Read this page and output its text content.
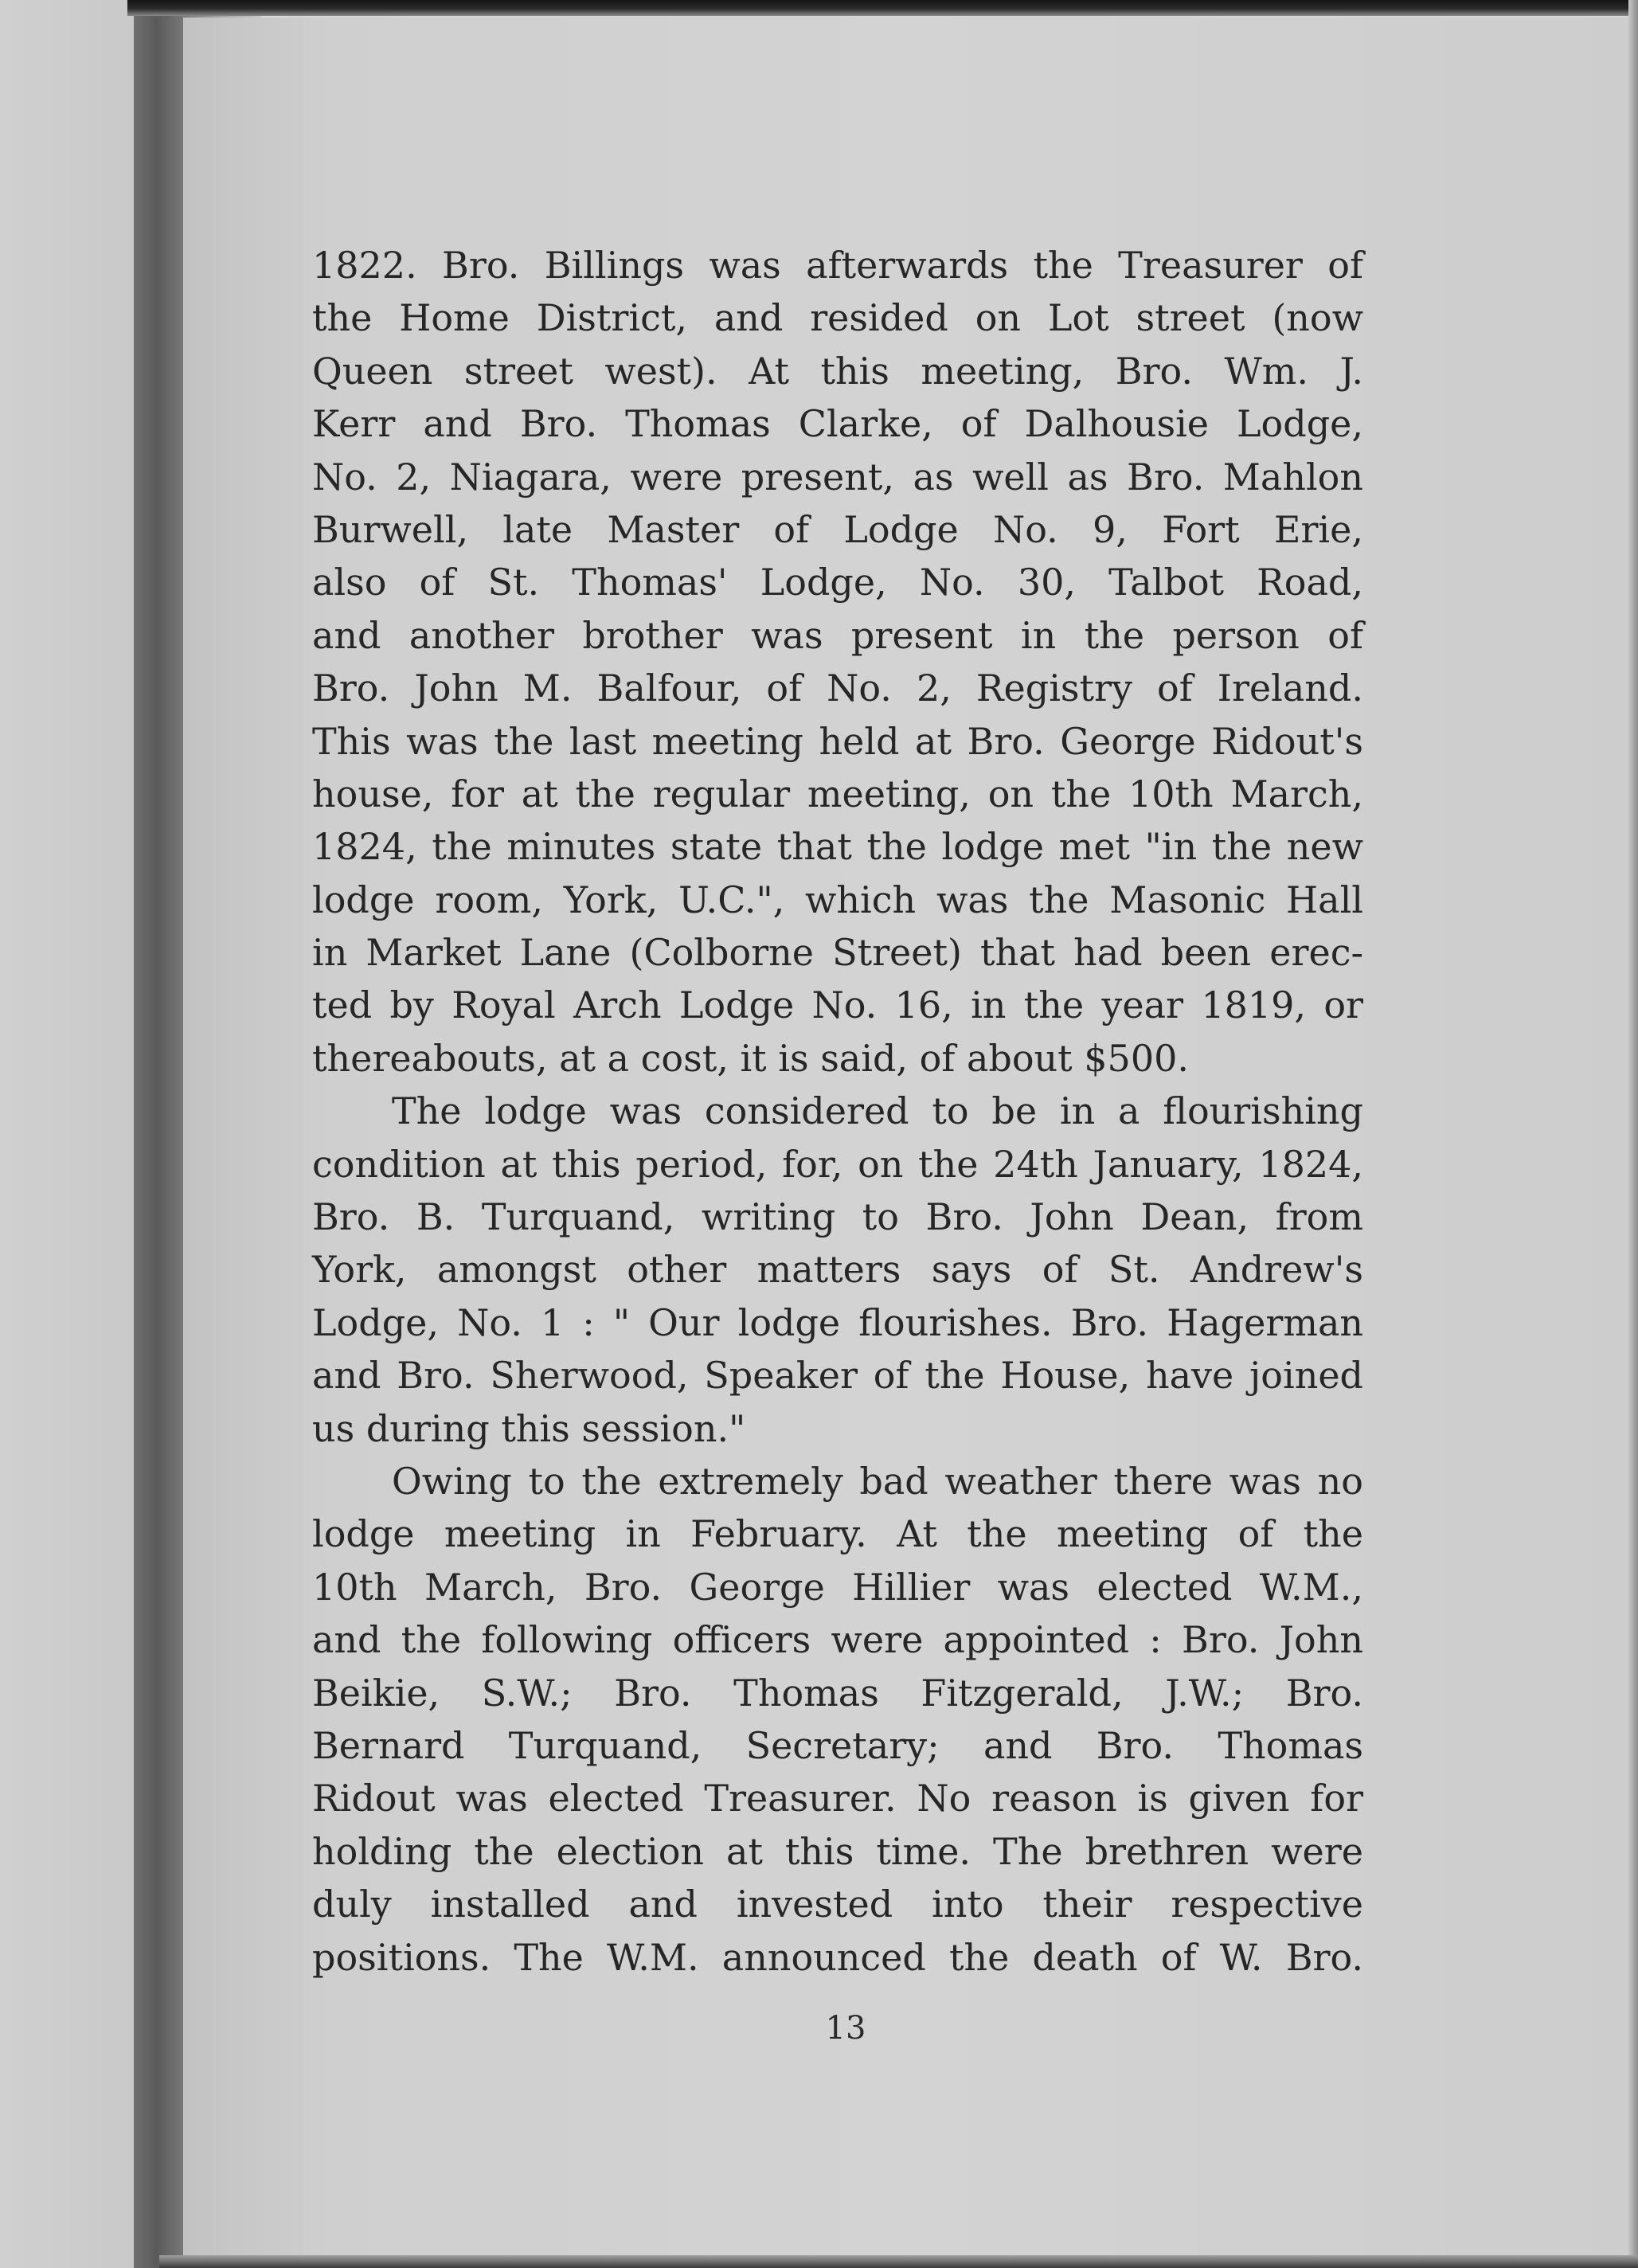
1822. Bro. Billings was afterwards the Treasurer of
the Home District, and resided on Lot street (now
Queen street west). At this meeting, Bro. Wm. J.
Kerr and Bro. Thomas Clarke, of Dalhousie Lodge,
No. 2, Niagara, were present, as well as Bro. Mahlon
Burwell, late Master of Lodge No. 9, Fort Erie,
also of St. Thomas' Lodge, No. 30, Talbot Road,
and another brother was present in the person of
Bro. John M. Balfour, of No. 2, Registry of Ireland.
This was the last meeting held at Bro. George Ridout's
house, for at the regular meeting, on the 10th March,
1824, the minutes state that the lodge met "in the new
lodge room, York, U.C.", which was the Masonic Hall
in Market Lane (Colborne Street) that had been erec-
ted by Royal Arch Lodge No. 16, in the year 1819, or
thereabouts, at a cost, it is said, of about $500.
The lodge was considered to be in a flourishing
condition at this period, for, on the 24th January, 1824,
Bro. B. Turquand, writing to Bro. John Dean, from
York, amongst other matters says of St. Andrew's
Lodge, No. 1 : " Our lodge flourishes. Bro. Hagerman
and Bro. Sherwood, Speaker of the House, have joined
us during this session."
Owing to the extremely bad weather there was no
lodge meeting in February. At the meeting of the
10th March, Bro. George Hillier was elected W.M.,
and the following officers were appointed : Bro. John
Beikie, S.W.; Bro. Thomas Fitzgerald, J.W.; Bro.
Bernard Turquand, Secretary; and Bro. Thomas
Ridout was elected Treasurer. No reason is given for
holding the election at this time. The brethren were
duly installed and invested into their respective
positions. The W.M. announced the death of W. Bro.
13
